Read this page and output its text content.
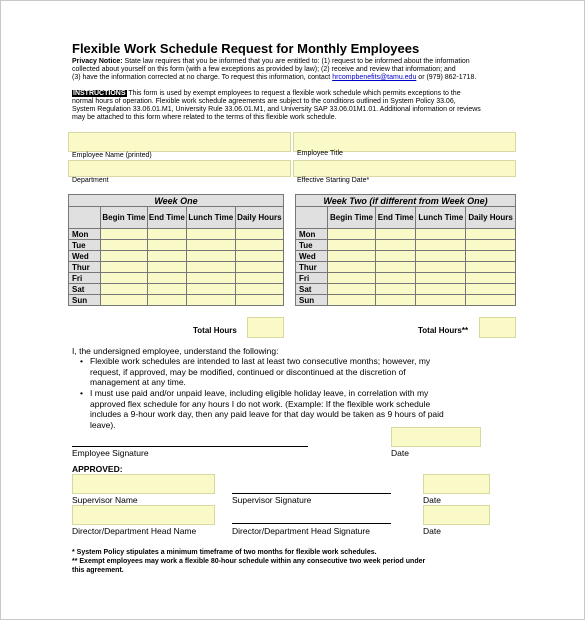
Flexible Work Schedule Request for Monthly Employees
Privacy Notice: State law requires that you be informed that you are entitled to: (1) request to be informed about the information
collected about yourself on this form (with a few exceptions as provided by law); (2) receive and review that information; and
(3) have the information corrected at no charge. To request this information, contact hrcompbenefits@tamu.edu or (979) 862-1718.
INSTRUCTIONS This form is used by exempt employees to request a flexible work schedule which permits exceptions to the
normal hours of operation. Flexible work schedule agreements are subject to the conditions outlined in System Policy 33.06,
System Regulation 33.06.01.M1, University Rule 33.06.01.M1, and University SAP 33.06.01M1.01. Additional information or reviews
may be attached to this form where related to the terms of this flexible work schedule.
Employee Name (printed)	Employee Title
Department	Effective Starting Date*
Week One				
	Begin Time	End Time	Lunch Time	Daily Hours
Mon				
Tue				
Wed				
Thur				
Fri				
Sat				
Sun				
Total Hours
Week Two (if different from Week One)				
	Begin Time	End Time	Lunch Time	Daily Hours
Mon				
Tue				
Wed				
Thur				
Fri				
Sat				
Sun				
Total Hours**
I, the undersigned employee, understand the following:
• Flexible work schedules are intended to last at least two consecutive months; however, my
request, if approved, may be modified, continued or discontinued at the discretion of
management at any time.
• I must use paid and/or unpaid leave, including eligible holiday leave, in correlation with my
approved flex schedule for any hours I do not work. (Example: If the flexible work schedule
includes a 9-hour work day, then any paid leave for that day would be taken as 9 hours of paid
leave).
Employee Signature	Date
APPROVED:
Supervisor Name	Supervisor Signature	Date
Director/Department Head Name	Director/Department Head Signature	Date
* System Policy stipulates a minimum timeframe of two months for flexible work schedules.
** Exempt employees may work a flexible 80-hour schedule within any consecutive two week period under
this agreement.
